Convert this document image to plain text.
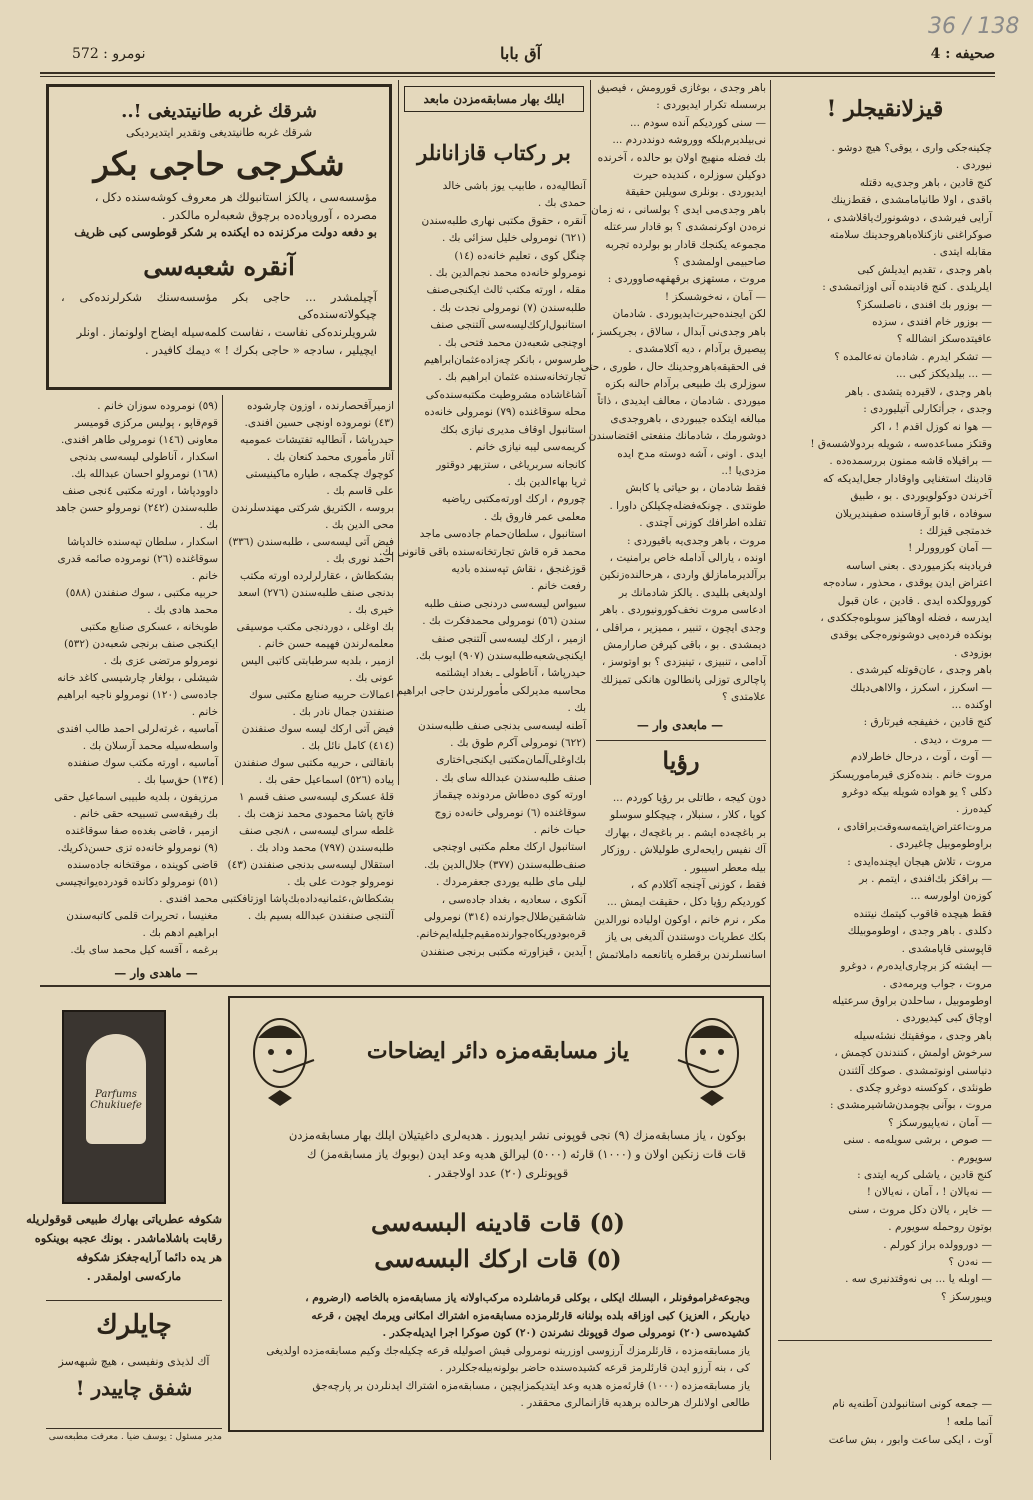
نومرو : 572	آق بابا	صحیفه : 4
36 / 138
شرقك غربه طانیتدیغی !..
شرقك غربه طانیتدیغی وتقدیر ایتدیردیكی
شكرجی حاجی بكر
مؤسسه‌سی ، یالكز استانبولك هر معروف كوشه‌سنده دكل ،
مصرده ، آوروپاده‌ده برچوق شعبه‌لره مالكدر .
بو دفعه دولت مركزنده ده ایكنده بر شكر قوطوسی كبی ظریف
آنقره شعبه‌سی
آچیلمشدر ... حاجی بكر مؤسسه‌سنك شكرلرنده‌كی ، چیكولاته‌سنده‌كی
شرویلرنده‌كی نفاست ، نفاست كلمه‌سیله ایضاح اولونماز . اونلر
ایچیلیر ، سادجه « حاجی بكرك ! » دیمك كافیدر .
ازمیرآقحصارنده ، اوزون چارشوده
(٤٣) نومروده اونچی حسین افندی.
حیدرپاشا ، آنطالیه تفتیشات عمومیه
آثار مأموری محمد كنعان بك .
كوچوك چكمجه ، طیاره ماكینیستی
علی قاسم بك .
بروسه ، الكتریق شركتی مهندسلرندن
محی الدین بك .
فیض آتی لیسه‌سی ، طلبه‌سندن (٣٣٦)
احمد نوری بك .
بشكطاش ، عقارلرلرده اورته مكتب
بدنجی صنف طلبه‌سندن (٢٧٦) اسعد
خیری بك .
بك اوغلی ، دوردنجی مكتب موسیقی
معلمه‌لرندن فهیمه حسن خانم .
ازمیر ، بلدیه سرطبابتی كاتبی الیس
عونی بك .
اعمالات حربیه صنایع مكتبی سوك
صنفندن جمال نادر بك .
فیض آتی اركك لیسه سوك صنفندن
(٤١٤) كامل نائل بك .
بانقالتی ، حربیه مكتبی سوك صنفندن
پیاده (٥٢٦) اسماعیل حقی بك .
قلهٔ عسكری لیسه‌سی صنف قسم ١
فاتح پاشا محمودی محمد نزهت بك .
غلطه سرای لیسه‌سی ، ٨نجی صنف
طلبه‌سندن (٧٩٧) محمد وداد بك .
استقلال لیسه‌سی بدنجی صنفندن (٤٣)
نومرولو جودت علی بك .
بشكطاش،عثمانیه‌داده‌بك‌پاشا اوزتافكتبی
آلتنجی صنفندن عبدالله بسیم بك .
(٥٩) نومروده سوزان خانم .
قوم‌قاپو ، پولیس مركزی قومیسر
معاونی (١٤٦) نومرولی طاهر افندی.
اسكدار ، آناطولی لیسه‌سی بدنجی
(١٦٨) نومرولو احسان عبدالله بك.
داوودپاشا ، اورته مكتبی ٤نجی صنف
طلبه‌سندن (٢٤٢) نومرولو حسن جاهد
بك .
اسكدار ، سلطان تپه‌سنده خالدپاشا
سوقاغنده (٢٦) نومروده صائمه قدری
خانم .
حربیه مكتبی ، سوك صنفندن (٥٨٨)
محمد هادی بك .
طوبخانه ، عسكری صنایع مكتبی
ایكنجی صنف برنجی شعبه‌دن (٥٣٢)
نومرولو مرتضی عزی بك .
شیشلی ، بولغار چارشیسی كاغد خانه
جاده‌سی (١٢٠) نومرولو ناجیه ابراهیم
خانم .
آماسیه ، غرته‌لرلی احمد طالب افندی
واسطه‌سیله محمد آرسلان بك .
آماسیه ، اورته مكتب سوك صنفنده
(١٣٤) حق‌سیا بك .
مرزیفون ، بلدیه طبیبی اسماعیل حقی
بك رفیقه‌سی تسبیحه حقی خانم .
ازمیر ، قاضی بغده‌ه صفا سوقاغنده
(٩) نومرولو خانه‌ده تزی حسن‌ذكریك.
قاضی كوینده ، موقتخانه جاده‌سنده
(٥١) نومرولو دكانده قودرده‌یوانچیسی
محمد افندی .
مغنیسا ، تحریرات قلمی كاتبه‌سندن
ابراهیم ادهم بك .
برغمه ، آقسه كیل محمد سای بك.
— ماهدی وار —
ایلك بهار مسابقه‌مزدن مابعد
بر ركتاب قازانانلر
آنطالیه‌ده ، طابیب یوز باشی خالد
حمدی بك .
آنقره ، حقوق مكتبی نهاری طلبه‌سندن
(٦٢١) نومرولی خلیل سزائی بك .
چنگل كوی ، تعلیم خانه‌ده (١٤)
نومرولو خانه‌ده محمد نجم‌الدین بك .
مقله ، اورته مكتب ثالث ایكنجی‌صنف
طلبه‌سندن (٧) نومرولی نجدت بك .
استانبول‌اركك‌لیسه‌سی آلتنجی صنف
اوچنجی شعبه‌دن محمد فتحی بك .
طرسوس ، بانكر چه‌زاده‌عثمان‌ابراهیم
تجارتخانه‌سنده عثمان ابراهیم بك .
آشاغاشاده مشروطیت مكتبه‌سنده‌كی
محله سوقاغنده (٧٩) نومرولی خانه‌ده
استانبول اوقاف مدیری نیازی بكك
كریمه‌سی لیبه نیازی خانم .
كانجانه سربریاغی ، ستزیهر دوقتور
ثریا بهاءالدین بك .
چوروم ، اركك اورته‌مكتبی ریاضیه
معلمی عمر فاروق بك .
استانبول ، سلطان‌حمام جاده‌سی ماجد
محمد قره قاش تجارتخانه‌سنده باقی قانونی بك.
قوزغنجق ، نقاش تپه‌سنده بادیه
رفعت خانم .
سیواس لیسه‌سی دردنجی صنف طلبه
سندن (٥٦) نومرولی محمدفكرت بك .
ازمیر ، اركك لیسه‌سی آلتنجی صنف
ایكنجی‌شعبه‌طلبه‌سندن (٩٠٧) ایوب بك.
حیدرپاشا ، آناطولی ـ بغداد ایشلتمه
محاسبه مدیرلكی مأمورلرندن حاجی ابراهیم
بك .
آطنه لیسه‌سی بدنجی صنف طلبه‌سندن
(٦٢٢) نومرولی آكرم طوق بك .
بك‌اوغلی‌آلمان‌مكتبی ایكنجی‌اختاری
صنف طلبه‌سندن عبدالله سای بك .
اورته كوی ده‌طاش مردونده چیقماز
سوقاغنده (٦) نومرولی خانه‌ده زوج
حیات خانم .
استانبول اركك معلم مكتبی اوچنجی
صنف‌طلبه‌سندن (٣٧٧) جلال‌الدین بك.
لیلی مای طلبه یوردی جعفرمردك .
آنكوی ، سعادیه ، بغداد جاده‌سی ،
شاشقین‌طلال‌جوارنده (٣١٤) نومرولی
قره‌بودوریكاه‌جوارنده‌مقیم‌جلیله‌ایم‌خانم.
آیدین ، قیزاورته‌ مكتبی برنجی صنفندن
باهر وجدی ، بوغازی قورومش ، فیصیق
برسسله تكرار ایدیوردی :
— سنی كوردیكم آنده سودم ...
نی‌بیلدیرم‌بلكه ووروشه دونددردم ...
بك فضله منهیج اولان بو حالده ، آخرنده
دوكیلن سوزلره ، كندیده حیرت
ایدیوردی . بونلری سویلین حقیقة‌
باهر وجدی‌می ایدی ؟ بولسانی ، نه زمان
نره‌دن اوكرنمشدی ؟ بو قادار سرعتله
مجموعه‌ یكنجك قادار بو بولرده تجربه
صاحبیمی اولمشدی ؟
مروت ، مستهزی برقهقهه‌صاووردی :
— آمان ، نه‌خوشسكز !
لكن ایجنده‌حیرت‌ایدیوردی . شادمان
باهر وجدی‌نی آبدال ، سالاق ، بجریكسز ،
پیصیرق برآدام ، دیه آكلامشدی .
فی الحقیقه‌باهروجدینك حال ، طوری ، حتی
سوزلری بك طبیعی برآدام حالنه بكزه‌
میوردی . شادمان ، معالف ایدیدی ، ذاتاً
مبالغه ایتكده جیبوردی ، باهروجدی‌ی
دوشورمك ، شادمانك منفعتی اقتضاسندن
ایدی . اونی ، آشه دوسته مدح ایده
مزدی‌یا !..
فقط شادمان ، بو حیاتی یا كابش
طونتدی . چونكه‌فضله‌چكیلكن داورا .
تفلده‌ اطرافك كوزنی آچتدی .
مروت ، باهر وجدی‌یه باقیوردی :
اونده ، یارالی آدامله خاص برامنیت ،
برآلدیرمامازلق واردی ، هرحالنده‌زنكین
اولدیغی بللیدی . یالكز شادمانك بر
ادعاسی مروت نخف‌كورونیوردی . باهر
وجدی ایچون ، تنبیر ، ممیزیر ، مراقلی ،
دیمشدی . بو ، باقی كیرفن صارارمش
آدامی ، تنبیزی ، تینیزدی ؟ بو اوتوسز ،
پاچالری توزلی پانطالون هانكی تمیزلك
علامتدی ؟
— مابعدی وار —
رؤیا
دون كیجه ، طاتلی بر رؤیا كوردم ...
كوپا ، كلار ، سنبلار ، چیچكلو سوسلو
بر باغچه‌ده ایشم . بر باغچه‌ك ، بهارك
آك نفیس رایحه‌لری طولیلاش . روزكار
بیله معطر اسیبور .
فقط ، كوزنی آچنجه آكلادم كه ،
كوردیكم رؤیا دكل ، حقیقت ایمش ...
مكر ، نرم خانم ، اوكون اولیاده نورالدین
بكك عطریات دوستندن آلدیغی بی یاز
اسانسلرندن برقطره یاتانعمه داملاتمش !
قیزلانقیجلر !
چكینه‌جكی واری ، یوقی؟ هیچ دوشو .
نیوردی .
كنج قادین ، باهر وجدی‌یه دقتله
باقدی ، اولا طانیامامشدی ، فقط‌زینك
آرایی فیرشدی ، دوشونورك‌یاقلاشدی ،
صوكرا‌غنی نازكنلاه‌باهروجدینك سلامته
مقابله ایتدی .
باهر وجدی ، تقدیم ایدیلش كبی
ایلریلدی . كنج قادینده‌ آنی‌ اوزاتمشدی :
— بوزور بك افندی ، ناصلسكز؟
— بوزور خام افندی ، سزده
عافیتده‌سكز انشالله ؟
— تشكر ایدرم . شادمان نه‌عالمده ؟
— ... بیلدیككز كبی ...
باهر وجدی ، لاقیرده یتشدی . باهر
وجدی ، جرأتكارلی آتیلیوردی :
— هوا نه كوزل اقدم ! ، اكر
وقتكز مساعده‌سه ، شویله بردولاشسه‌ق !
— براقیلاه‌ قاشه‌ ممنون بررسمده‌ده .
قادینك استغنایی واوقادار جعل‌ایدیكه كه
آخرندن دوكولویوردی . بو ، طبیق
سوفاده ، قابو آرقاسنده صفیندیریلان
خدمتجی قیزلك :
— آمان كوروورلر !
فریادینه بكزمیوردی . بعنی اساسه
اعتراض ایدن یوقدی ، محذور ، ساده‌جه
كوروولكده ایدی . قادین ، عان قبول
ایدرسه ، فضله‌ اوهاكیز سوبلوه‌جككدی ،
بونكده فرده‌یی دوشونوره‌جكی یوقدی
بوزودی .
باهر وجدی ، عان‌قوتله كیرشدی .
— اسكرز ، اسكرز ، والااهی‌دیلك
اوكنده ...
كنج قادین ، خفیفجه فیرتارق :
— مروت ، دیدی .
— آوت ، آوت ، درحال خاطرلادم
مروت خانم . بنده‌كزی قیرماموریسكز
دكلی ؟ یو هواده شویله بیكه دوغرو
كیده‌رز .
مروت‌اعتراض‌ایتمه‌سه‌وقت‌براقادی ،
براوطوموبیل چاغیردی .
مروت ، تلاش هیجان ایچنده‌ایدی :
— براقكز بك‌افندی ، ایتمم . بر
كوزه‌ن اولورسه ...
فقط هیچده قاقوب كیتمك نیتنده
دكلدی . باهر وجدی ، اوطوموبیلك
قاپوسنی قاپامشدی .
— ایشته‌ كز برچاری‌ایده‌رم ، دوغرو
مروت ، جواب ویرمه‌دی .
اوطوموبیل ، ساحلدن براوق سرعتیله
اوچاق كبی كیدیوردی .
باهر وجدی ، موفقیتك نشئه‌سیله
سرخوش اولمش ، كنندندن كچمش ،
دنیاسنی اونوتمشدی . صوكك آلثندن
طونئدی ، كوكسنه دوغرو چكدی .
مروت ، بوآنی‌ بچومدن‌شاشیرمشدی :
— آمان ، نه‌یاپیورسكز ؟
— صوص ، برشی سویله‌مه . سنی
سویورم .
كنج قادین ، یاشلی كریه ایتدی :
— نه‌یالان ! ، آمان ، نه‌یالان !
— خایر ، یالان دكل مروت ، سنی
بوتون روحمله سویورم .
— دوروولده براز كورلم .
— نه‌دن ؟
— اوبله یا ... بی نه‌وقتدنبری سه .
ویبورسكز ؟
— جمعه كونی استانبولدن آطنه‌یه نام
آنما ملعه !
آوت ، ایكی ساعت وابور ، بش ساعت
Parfums Chukiuefe
شكوفه عطریاتی بهارك طبیعی قوقولریله
رقابت باشلاماشدر . بونك عجبه بوینكوه
هر یده دائما آرایه‌جغكز شكوفه
ماركه‌سی اولمقدر .
چایلرك
آك لذیذی ونفیسی ، هیچ شبهه‌سز
شفق چاییدر !
مدیر مسئول : یوسف ضیا . معرفت مطبعه‌سی
یاز مسابقه‌مزه دائر ایضاحات
بوكون ، یاز مسابقه‌مزك (٩) نجی قوپونی نشر ایدیورز . هدیه‌لری داغیتیلان ایلك بهار مسابقه‌مزدن
قات قات زنكین اولان و (١٠٠٠) قارئه (٥٠٠٠) لیرالق هدیه وعد ایدن (بوبوك یاز مسابقه‌مز) ك
قوپونلری (٢٠) عدد اولاجقدر .
(٥) قات قادینه البسه‌سی
(٥) قات اركك البسه‌سی
وبجوعه‌غراموفونلر ، البسلك ایكلی ، بوكلی قرماشلرده مركب‌اولانه‌ یاز مسابقه‌مزه بالخاصه (ارضروم ،
دیاربكر ، العزیز) كبی اوزاقه بلده بولنانه قارئلرمزده مسابقه‌مزه اشتراك امكانی ویرمك ایچین ، قرعه
كشیده‌سی (٢٠) نومرولی صوك قوپونك نشرندن (٢٠) كون صوكرا اجرا ایدیله‌جكدر .
یاز مسابقه‌مزده ، قارئلرمزك آرزوسی اوزرینه نومرولی فیش اصولیله قرعه چكیله‌جك وكیم مسابقه‌مزده اولدیغی
كی ، بنه آرزو ایدن قارئلرمز قرعه كشیده‌سنده حاضر بولونه‌بیله‌جكلردر .
یاز مسابقه‌مزده (١٠٠٠) قارئه‌مزه هدیه وعد ایتدیكمزایچین ، مسابقه‌مزه اشتراك ایدنلردن بر پارچه‌جق
طالعی اولانلرك هرحالده برهدیه قازانمالری محققدر .
